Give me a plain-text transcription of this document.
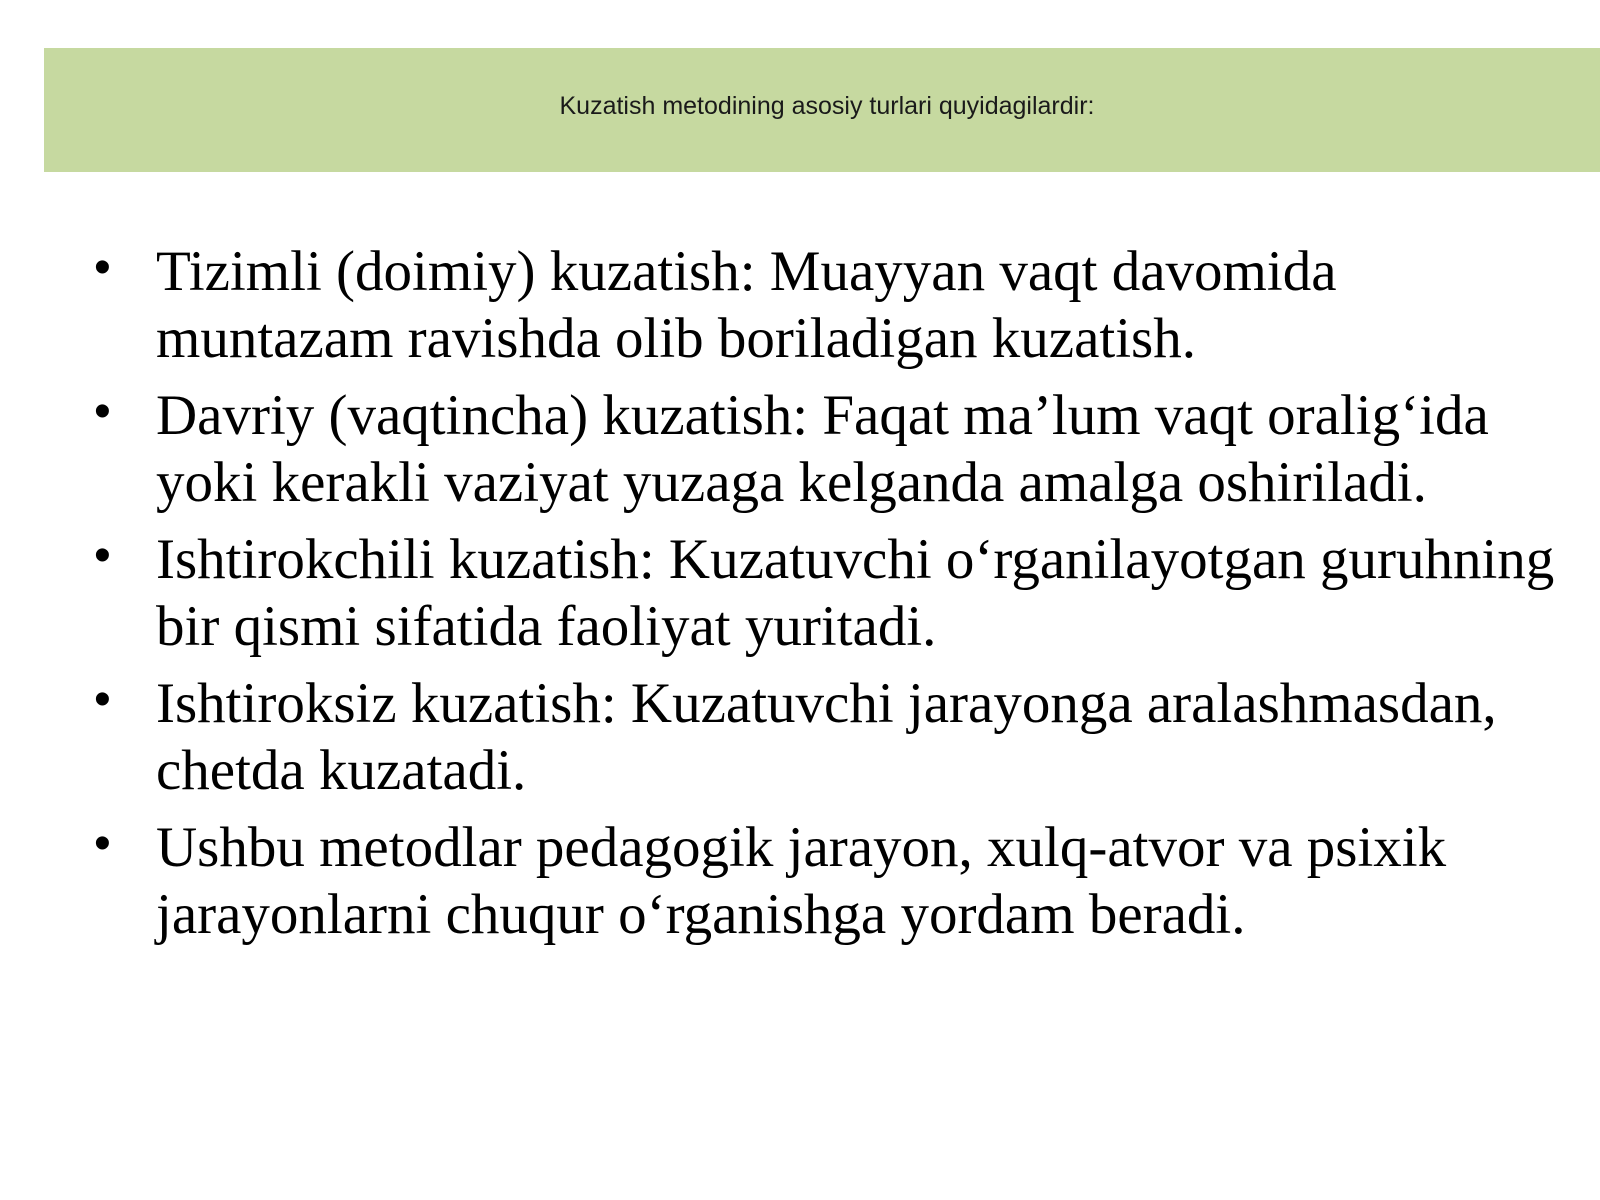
Kuzatish metodining asosiy turlari quyidagilardir:
• Tizimli (doimiy) kuzatish: Muayyan vaqt davomida muntazam ravishda olib boriladigan kuzatish.
• Davriy (vaqtincha) kuzatish: Faqat ma’lum vaqt oralig‘ida yoki kerakli vaziyat yuzaga kelganda amalga oshiriladi.
• Ishtirokchili kuzatish: Kuzatuvchi o‘rganilayotgan guruhning bir qismi sifatida faoliyat yuritadi.
• Ishtiroksiz kuzatish: Kuzatuvchi jarayonga aralashmasdan, chetda kuzatadi.
• Ushbu metodlar pedagogik jarayon, xulq-atvor va psixik jarayonlarni chuqur o‘rganishga yordam beradi.
